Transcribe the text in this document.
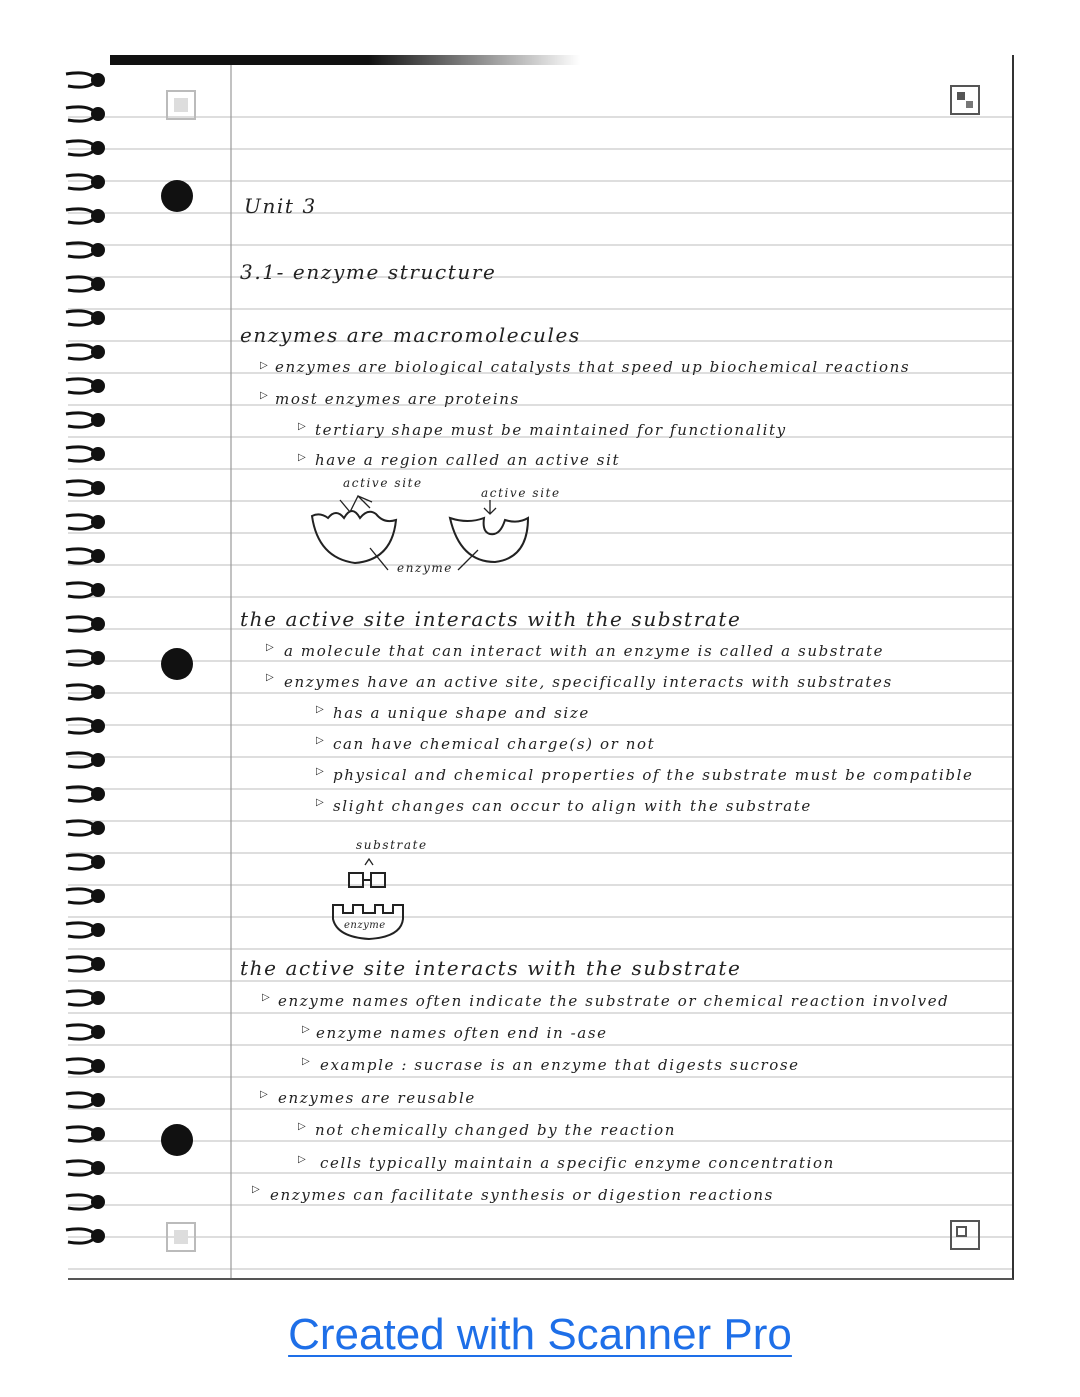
Unit 3
3.1- enzyme structure
enzymes are macromolecules
▷ enzymes are biological catalysts that speed up biochemical reactions
▷ most enzymes are proteins
▷ tertiary shape must be maintained for functionality
▷ have a region called an active sit
active site
active site
enzyme
the active site interacts with the substrate
▷ a molecule that can interact with an enzyme is called a substrate
▷ enzymes have an active site, specifically interacts with substrates
▷ has a unique shape and size
▷ can have chemical charge(s) or not
▷ physical and chemical properties of the substrate must be compatible
▷ slight changes can occur to align with the substrate
substrate
enzyme
the active site interacts with the substrate
▷ enzyme names often indicate the substrate or chemical reaction involved
▷ enzyme names often end in -ase
▷ example : sucrase is an enzyme that digests sucrose
▷ enzymes are reusable
▷ not chemically changed by the reaction
▷ cells typically maintain a specific enzyme concentration
▷ enzymes can facilitate synthesis or digestion reactions
Created with Scanner Pro
